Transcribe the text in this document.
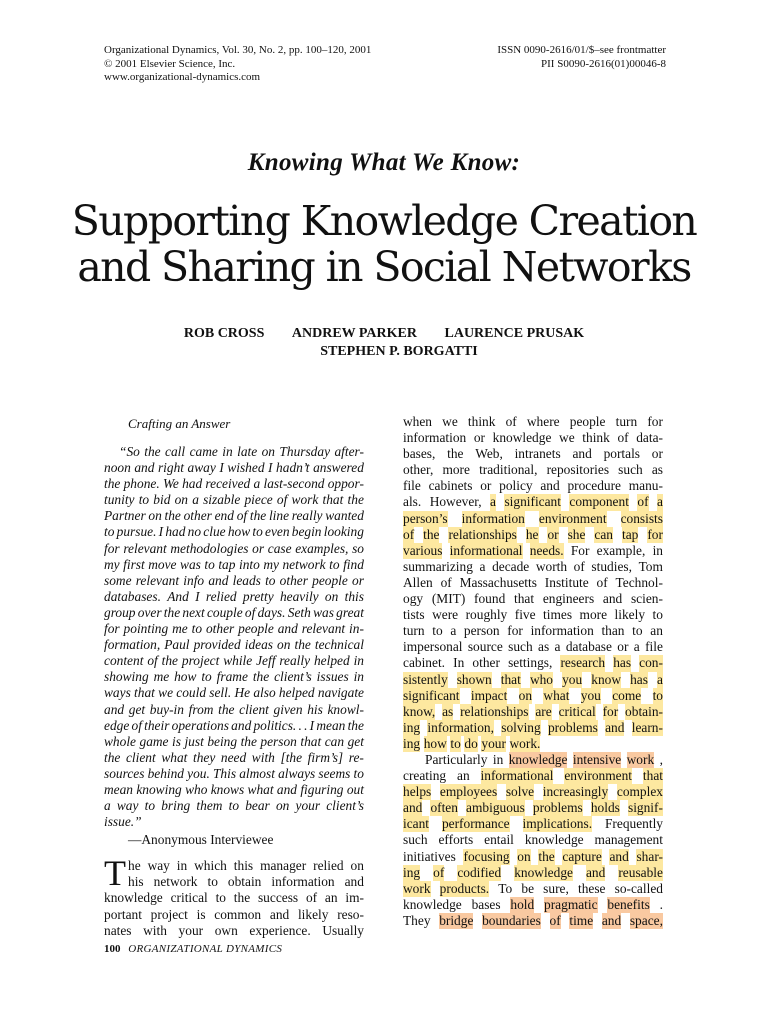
Organizational Dynamics, Vol. 30, No. 2, pp. 100–120, 2001
© 2001 Elsevier Science, Inc.
www.organizational-dynamics.com
ISSN 0090-2616/01/$–see frontmatter
PII S0090-2616(01)00046-8
Knowing What We Know:
Supporting Knowledge Creation
and Sharing in Social Networks
ROB CROSS ANDREW PARKER LAURENCE PRUSAK
STEPHEN P. BORGATTI
Crafting an Answer
“So the call came in late on Thursday after-
noon and right away I wished I hadn’t answered
the phone. We had received a last-second oppor-
tunity to bid on a sizable piece of work that the
Partner on the other end of the line really wanted
to pursue. I had no clue how to even begin looking
for relevant methodologies or case examples, so
my first move was to tap into my network to find
some relevant info and leads to other people or
databases. And I relied pretty heavily on this
group over the next couple of days. Seth was great
for pointing me to other people and relevant in-
formation, Paul provided ideas on the technical
content of the project while Jeff really helped in
showing me how to frame the client’s issues in
ways that we could sell. He also helped navigate
and get buy-in from the client given his knowl-
edge of their operations and politics. . . I mean the
whole game is just being the person that can get
the client what they need with [the firm’s] re-
sources behind you. This almost always seems to
mean knowing who knows what and figuring out
a way to bring them to bear on your client’s
issue.”
—Anonymous Interviewee
T he way in which this manager relied on
his network to obtain information and
knowledge critical to the success of an im-
portant project is common and likely reso-
nates with your own experience. Usually
when we think of where people turn for
information or knowledge we think of data-
bases, the Web, intranets and portals or
other, more traditional, repositories such as
file cabinets or policy and procedure manu-
als. However, a significant component of a
person’s information environment consists
of the relationships he or she can tap for
various informational needs. For example, in
summarizing a decade worth of studies, Tom
Allen of Massachusetts Institute of Technol-
ogy (MIT) found that engineers and scien-
tists were roughly five times more likely to
turn to a person for information than to an
impersonal source such as a database or a file
cabinet. In other settings, research has con-
sistently shown that who you know has a
significant impact on what you come to
know, as relationships are critical for obtain-
ing information, solving problems and learn-
ing how to do your work.
Particularly in knowledge intensive work ,
creating an informational environment that
helps employees solve increasingly complex
and often ambiguous problems holds signif-
icant performance implications. Frequently
such efforts entail knowledge management
initiatives focusing on the capture and shar-
ing of codified knowledge and reusable
work products. To be sure, these so-called
knowledge bases hold pragmatic benefits .
They bridge boundaries of time and space,
100 ORGANIZATIONAL DYNAMICS
